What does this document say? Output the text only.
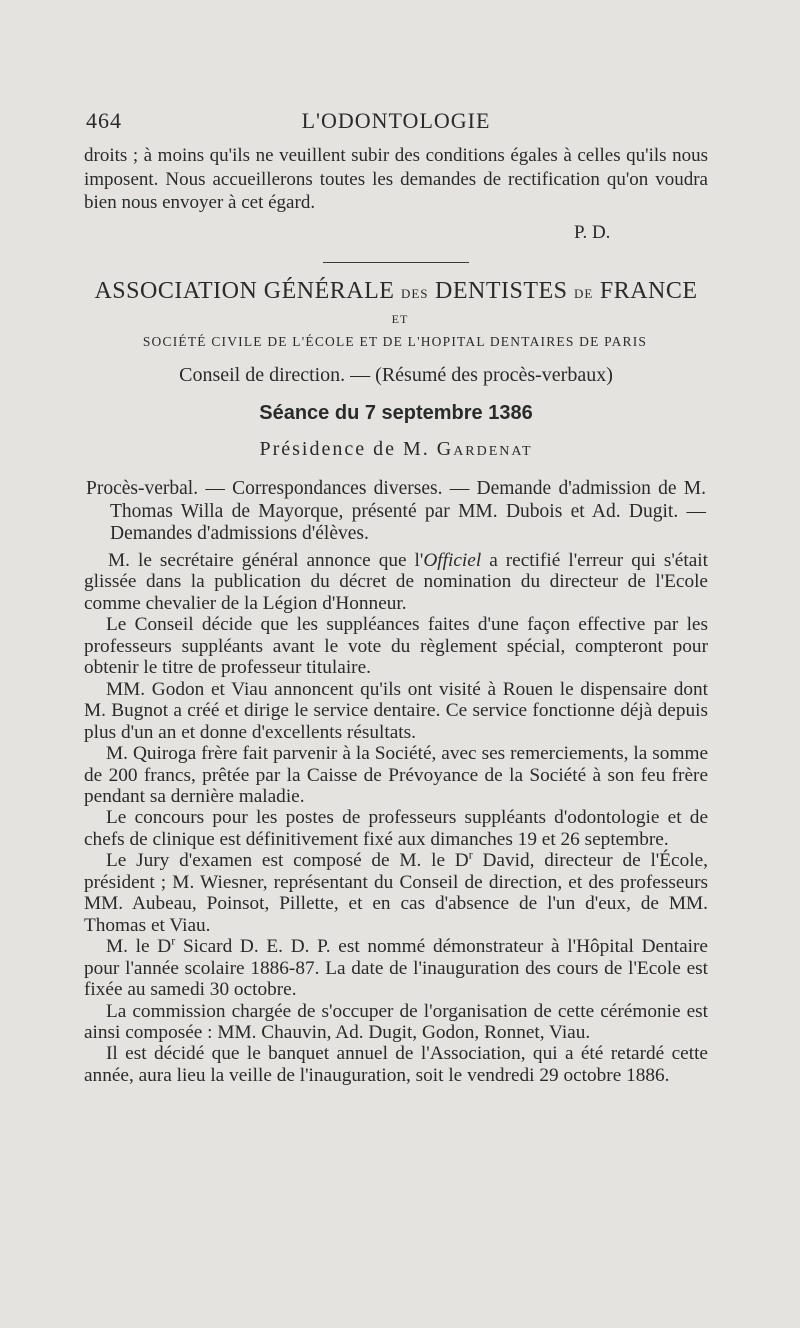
464	L'ODONTOLOGIE

droits ; à moins qu'ils ne veuillent subir des conditions égales à celles qu'ils nous imposent. Nous accueillerons toutes les demandes de rectification qu'on voudra bien nous envoyer à cet égard.

P. D.
ASSOCIATION GÉNÉRALE DES DENTISTES DE FRANCE
ET
SOCIÉTÉ CIVILE DE L'ÉCOLE ET DE L'HOPITAL DENTAIRES DE PARIS
Conseil de direction. — (Résumé des procès-verbaux)
Séance du 7 septembre 1386
Présidence de M. Gardenat

Procès-verbal. — Correspondances diverses. — Demande d'admission de M. Thomas Willa de Mayorque, présenté par MM. Dubois et Ad. Dugit. — Demandes d'admissions d'élèves.

M. le secrétaire général annonce que l'Officiel a rectifié l'erreur qui s'était glissée dans la publication du décret de nomination du directeur de l'Ecole comme chevalier de la Légion d'Honneur.

Le Conseil décide que les suppléances faites d'une façon effective par les professeurs suppléants avant le vote du règlement spécial, compteront pour obtenir le titre de professeur titulaire.

MM. Godon et Viau annoncent qu'ils ont visité à Rouen le dispensaire dont M. Bugnot a créé et dirige le service dentaire. Ce service fonctionne déjà depuis plus d'un an et donne d'excellents résultats.

M. Quiroga frère fait parvenir à la Société, avec ses remerciements, la somme de 200 francs, prêtée par la Caisse de Prévoyance de la Société à son feu frère pendant sa dernière maladie.

Le concours pour les postes de professeurs suppléants d'odontologie et de chefs de clinique est définitivement fixé aux dimanches 19 et 26 septembre.

Le Jury d'examen est composé de M. le $D^r$ David, directeur de l'École, président ; M. Wiesner, représentant du Conseil de direction, et des professeurs MM. Aubeau, Poinsot, Pillette, et en cas d'absence de l'un d'eux, de MM. Thomas et Viau.

M. le $D^r$ Sicard D. E. D. P. est nommé démonstrateur à l'Hôpital Dentaire pour l'année scolaire 1886-87. La date de l'inauguration des cours de l'Ecole est fixée au samedi 30 octobre.

La commission chargée de s'occuper de l'organisation de cette cérémonie est ainsi composée : MM. Chauvin, Ad. Dugit, Godon, Ronnet, Viau.

Il est décidé que le banquet annuel de l'Association, qui a été retardé cette année, aura lieu la veille de l'inauguration, soit le vendredi 29 octobre 1886.
